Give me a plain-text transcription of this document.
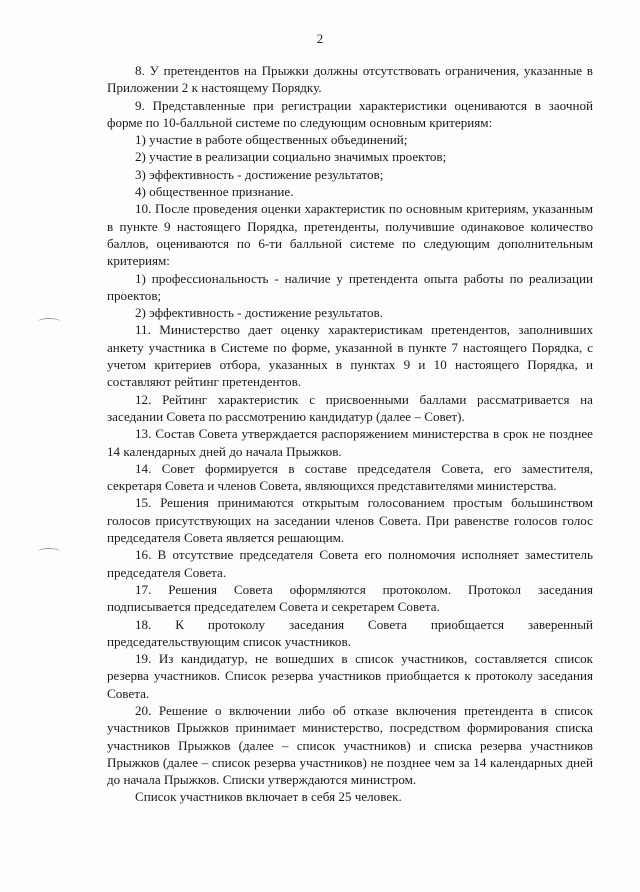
2

8. У претендентов на Прыжки должны отсутствовать ограничения, указанные в Приложении 2 к настоящему Порядку.

9. Представленные при регистрации характеристики оцениваются в заочной форме по 10-балльной системе по следующим основным критериям:

1) участие в работе общественных объединений;

2) участие в реализации социально значимых проектов;

3) эффективность - достижение результатов;

4) общественное признание.

10. После проведения оценки характеристик по основным критериям, указанным в пункте 9 настоящего Порядка, претенденты, получившие одинаковое количество баллов, оцениваются по 6-ти балльной системе по следующим дополнительным критериям:

1) профессиональность - наличие у претендента опыта работы по реализации проектов;

2) эффективность - достижение результатов.

11. Министерство дает оценку характеристикам претендентов, заполнивших анкету участника в Системе по форме, указанной в пункте 7 настоящего Порядка, с учетом критериев отбора, указанных в пунктах 9 и 10 настоящего Порядка, и составляют рейтинг претендентов.

12. Рейтинг характеристик с присвоенными баллами рассматривается на заседании Совета по рассмотрению кандидатур (далее – Совет).

13. Состав Совета утверждается распоряжением министерства в срок не позднее 14 календарных дней до начала Прыжков.

14. Совет формируется в составе председателя Совета, его заместителя, секретаря Совета и членов Совета, являющихся представителями министерства.

15. Решения принимаются открытым голосованием простым большинством голосов присутствующих на заседании членов Совета. При равенстве голосов голос председателя Совета является решающим.

16. В отсутствие председателя Совета его полномочия исполняет заместитель председателя Совета.

17. Решения Совета оформляются протоколом. Протокол заседания подписывается председателем Совета и секретарем Совета.

18. К протоколу заседания Совета приобщается заверенный председательствующим список участников.

19. Из кандидатур, не вошедших в список участников, составляется список резерва участников. Список резерва участников приобщается к протоколу заседания Совета.

20. Решение о включении либо об отказе включения претендента в список участников Прыжков принимает министерство, посредством формирования списка участников Прыжков (далее – список участников) и списка резерва участников Прыжков (далее – список резерва участников) не позднее чем за 14 календарных дней до начала Прыжков. Списки утверждаются министром.

Список участников включает в себя 25 человек.
